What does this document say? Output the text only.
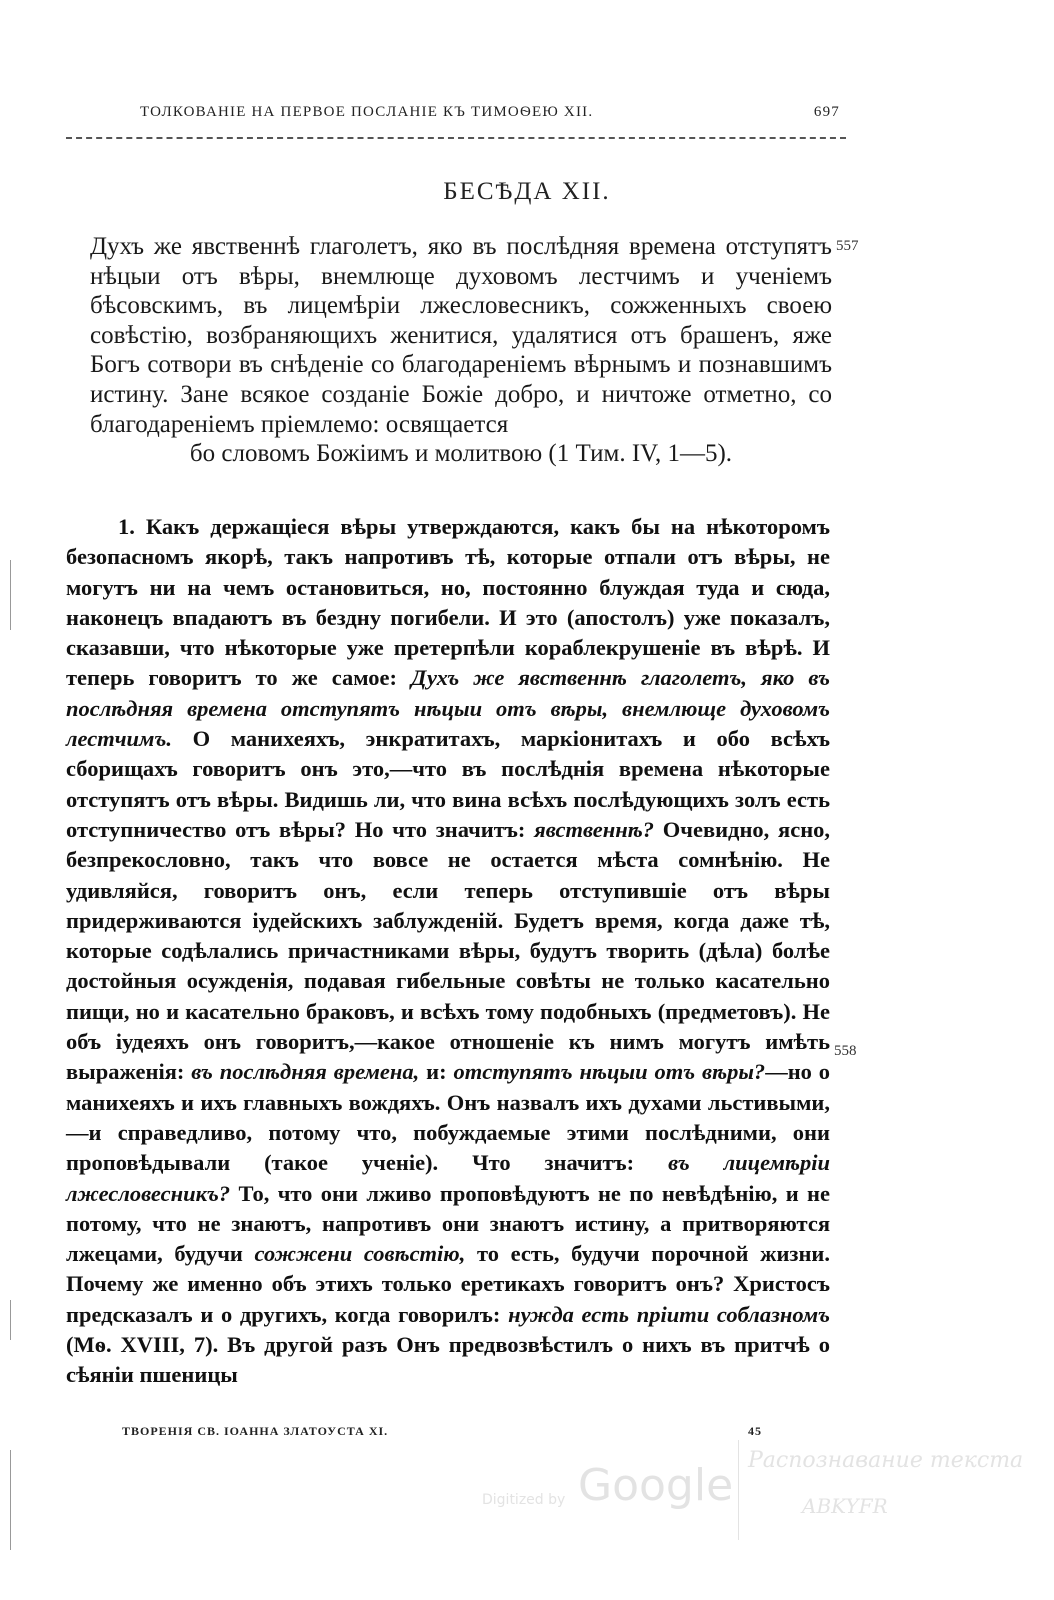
ТОЛКОВАНІЕ НА ПЕРВОЕ ПОСЛАНІЕ КЪ ТИМОѲЕЮ XII.	697
БЕСѢДА XII.
Духъ же явственнѣ глаголетъ, яко въ послѣдняя времена отступятъ нѣцыи отъ вѣры, внемлюще духовомъ лестчимъ и ученіемъ бѣсовскимъ, въ лицемѣріи лжесловесникъ, сожженныхъ своею совѣстію, возбраняющихъ женитися, удалятися отъ брашенъ, яже Богъ сотвори въ снѣденіе со благодареніемъ вѣрнымъ и познавшимъ истину. Зане всякое созданіе Божіе добро, и ничтоже отметно, со благодареніемъ пріемлемо: освящается
бо словомъ Божіимъ и молитвою (1 Тим. IV, 1—5).
1. Какъ держащіеся вѣры утверждаются, какъ бы на нѣкоторомъ безопасномъ якорѣ, такъ напротивъ тѣ, которые отпали отъ вѣры, не могутъ ни на чемъ остановиться, но, постоянно блуждая туда и сюда, наконецъ впадаютъ въ бездну погибели. И это (апостолъ) уже показалъ, сказавши, что нѣкоторые уже претерпѣли кораблекрушеніе въ вѣрѣ. И теперь говоритъ то же самое: Духъ же явственнѣ глаголетъ, яко въ послѣдняя времена отступятъ нѣцыи отъ вѣры, внемлюще духовомъ лестчимъ. О манихеяхъ, энкратитахъ, маркіонитахъ и обо всѣхъ сборищахъ говоритъ онъ это,—что въ послѣднія времена нѣкоторые отступятъ отъ вѣры. Видишь ли, что вина всѣхъ послѣдующихъ золъ есть отступничество отъ вѣры? Но что значитъ: явственнѣ? Очевидно, ясно, безпрекословно, такъ что вовсе не остается мѣста сомнѣнію. Не удивляйся, говоритъ онъ, если теперь отступившіе отъ вѣры придерживаются іудейскихъ заблужденій. Будетъ время, когда даже тѣ, которые содѣлались причастниками вѣры, будутъ творить (дѣла) болѣе достойныя осужденія, подавая гибельные совѣты не только касательно пищи, но и касательно браковъ, и всѣхъ тому подобныхъ (предметовъ). Не объ іудеяхъ онъ говоритъ,—какое отношеніе къ нимъ могутъ имѣть выраженія: въ послѣдняя времена, и: отступятъ нѣцыи отъ вѣры?—но о манихеяхъ и ихъ главныхъ вождяхъ. Онъ назвалъ ихъ духами льстивыми,—и справедливо, потому что, побуждаемые этими послѣдними, они проповѣдывали (такое ученіе). Что значитъ: въ лицемѣріи лжесловесникъ? То, что они лживо проповѣдуютъ не по невѣдѣнію, и не потому, что не знаютъ, напротивъ они знаютъ истину, а притворяются лжецами, будучи сожжени совѣстію, то есть, будучи порочной жизни. Почему же именно объ этихъ только еретикахъ говоритъ онъ? Христосъ предсказалъ и о другихъ, когда говорилъ: нужда есть пріити соблазномъ (Мѳ. XVIII, 7). Въ другой разъ Онъ предвозвѣстилъ о нихъ въ притчѣ о сѣяніи пшеницы
557
558
ТВОРЕНІЯ СВ. ІОАННА ЗЛАТОУСТА XI.	45
Digitized by Google Распознавание текста
ABKYFR
